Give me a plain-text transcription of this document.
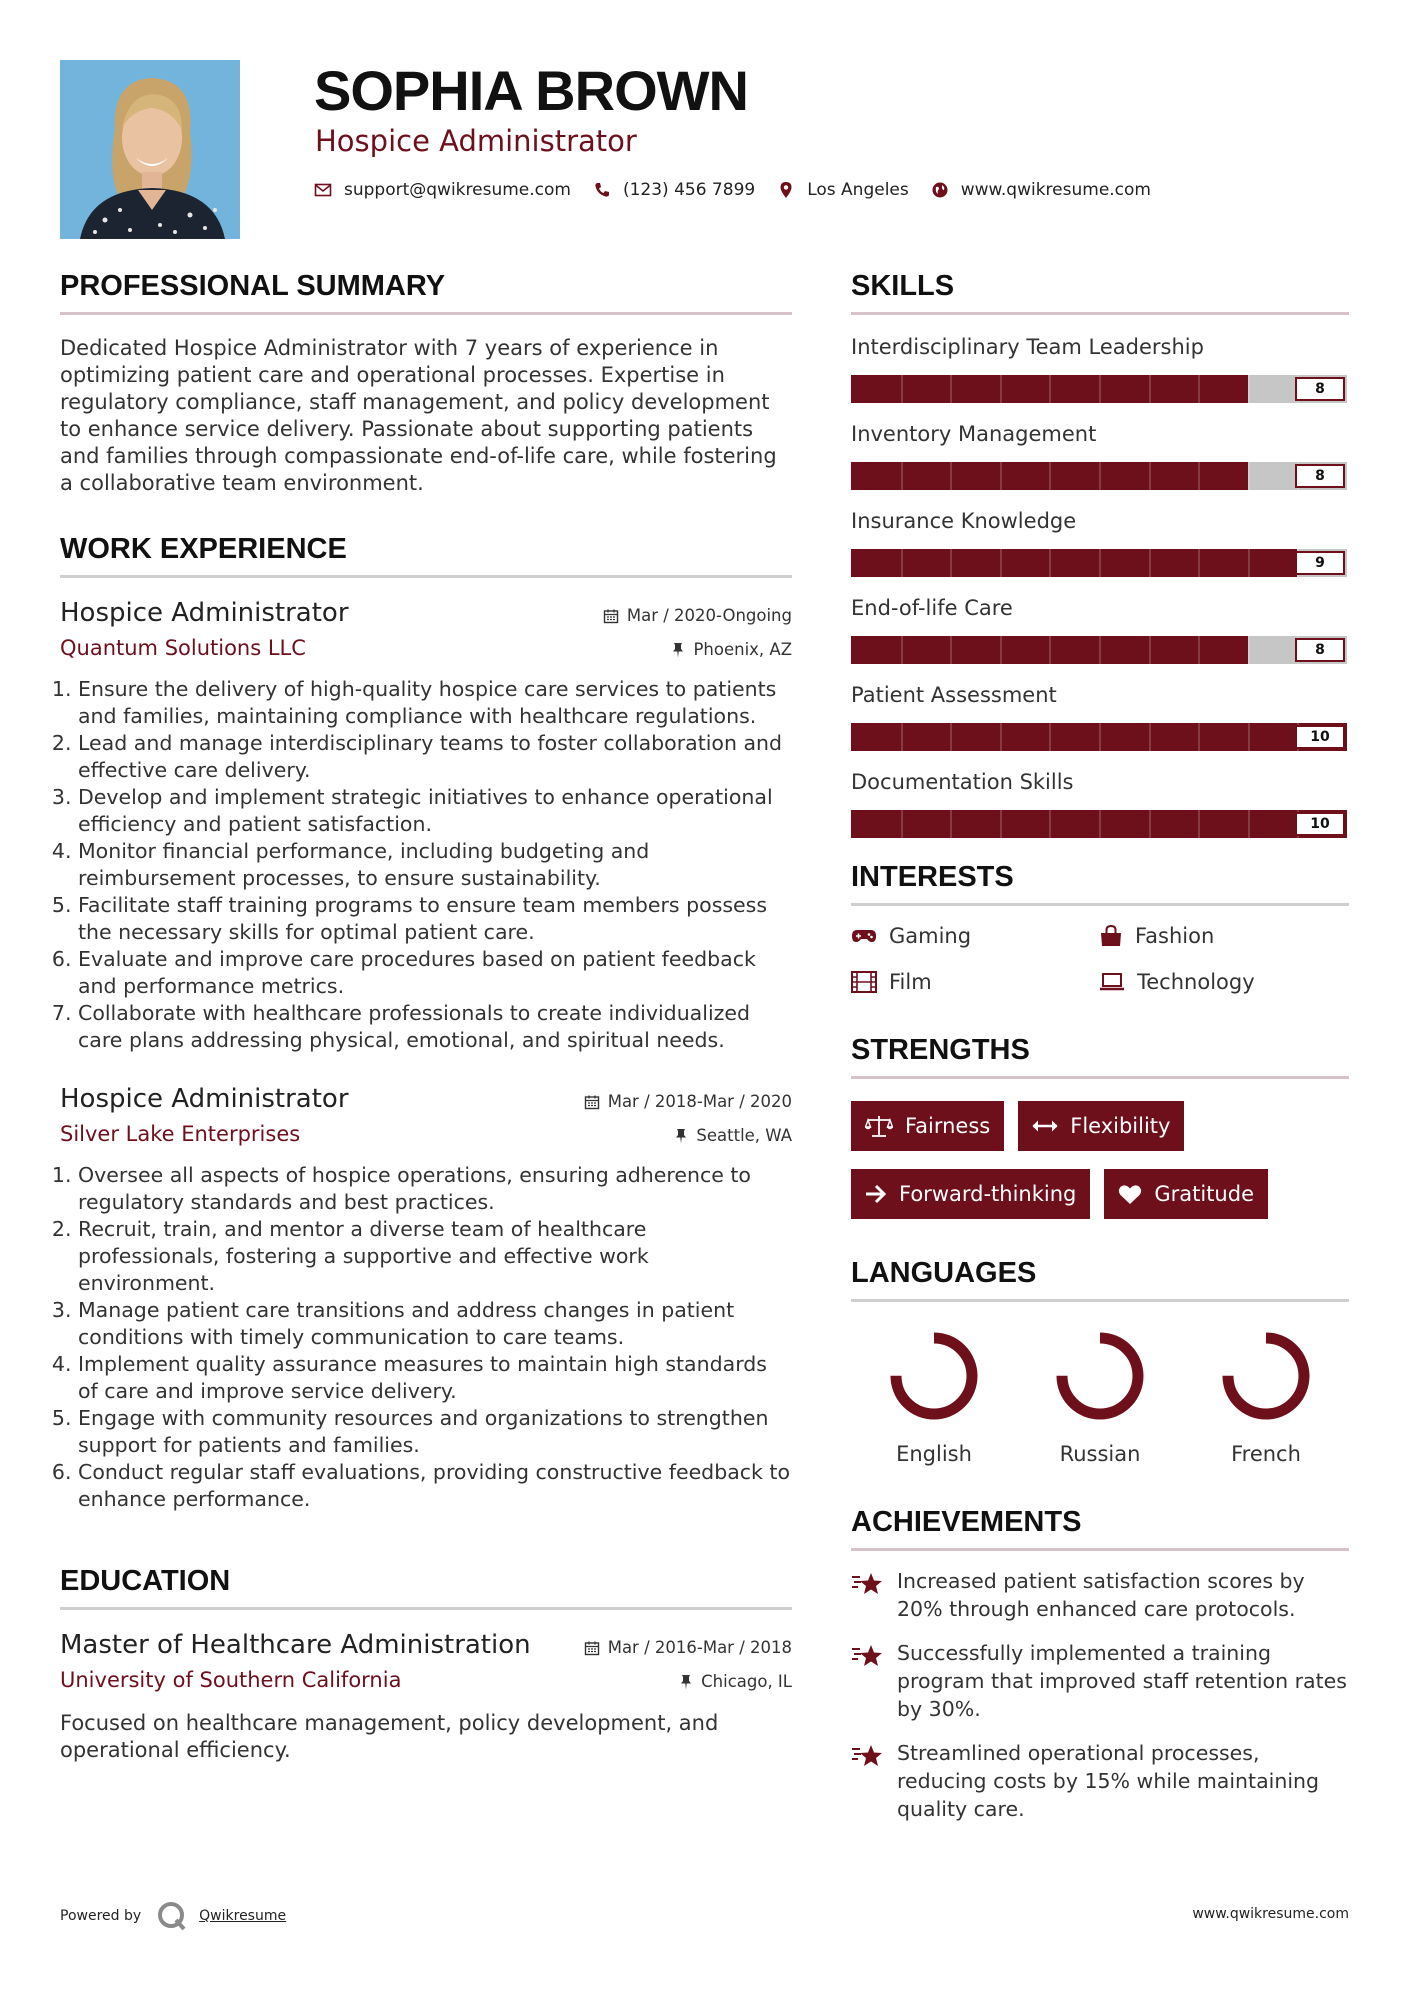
SOPHIA BROWN
Hospice Administrator
support@qwikresume.com	(123) 456 7899	Los Angeles	www.qwikresume.com
PROFESSIONAL SUMMARY

Dedicated Hospice Administrator with 7 years of experience in optimizing patient care and operational processes. Expertise in regulatory compliance, staff management, and policy development to enhance service delivery. Passionate about supporting patients and families through compassionate end-of-life care, while fostering a collaborative team environment.

WORK EXPERIENCE
Hospice Administrator
Quantum Solutions LLC
Mar / 2020-Ongoing
Phoenix, AZ
1. Ensure the delivery of high-quality hospice care services to patients and families, maintaining compliance with healthcare regulations.
2. Lead and manage interdisciplinary teams to foster collaboration and effective care delivery.
3. Develop and implement strategic initiatives to enhance operational efficiency and patient satisfaction.
4. Monitor financial performance, including budgeting and reimbursement processes, to ensure sustainability.
5. Facilitate staff training programs to ensure team members possess the necessary skills for optimal patient care.
6. Evaluate and improve care procedures based on patient feedback and performance metrics.
7. Collaborate with healthcare professionals to create individualized care plans addressing physical, emotional, and spiritual needs.
Hospice Administrator
Silver Lake Enterprises
Mar / 2018-Mar / 2020
Seattle, WA
1. Oversee all aspects of hospice operations, ensuring adherence to regulatory standards and best practices.
2. Recruit, train, and mentor a diverse team of healthcare professionals, fostering a supportive and effective work environment.
3. Manage patient care transitions and address changes in patient conditions with timely communication to care teams.
4. Implement quality assurance measures to maintain high standards of care and improve service delivery.
5. Engage with community resources and organizations to strengthen support for patients and families.
6. Conduct regular staff evaluations, providing constructive feedback to enhance performance.
EDUCATION
Master of Healthcare Administration
University of Southern California
Mar / 2016-Mar / 2018
Chicago, IL

Focused on healthcare management, policy development, and operational efficiency.

SKILLS
Interdisciplinary Team Leadership
8
Inventory Management
8
Insurance Knowledge
9
End-of-life Care
8
Patient Assessment
10
Documentation Skills
10
INTERESTS
Gaming	Fashion
Film	Technology
STRENGTHS
Fairness	Flexibility
Forward-thinking	Gratitude
LANGUAGES
English	Russian	French
ACHIEVEMENTS
Increased patient satisfaction scores by 20% through enhanced care protocols.
Successfully implemented a training program that improved staff retention rates by 30%.
Streamlined operational processes, reducing costs by 15% while maintaining quality care.
Powered by	Qwikresume	www.qwikresume.com
